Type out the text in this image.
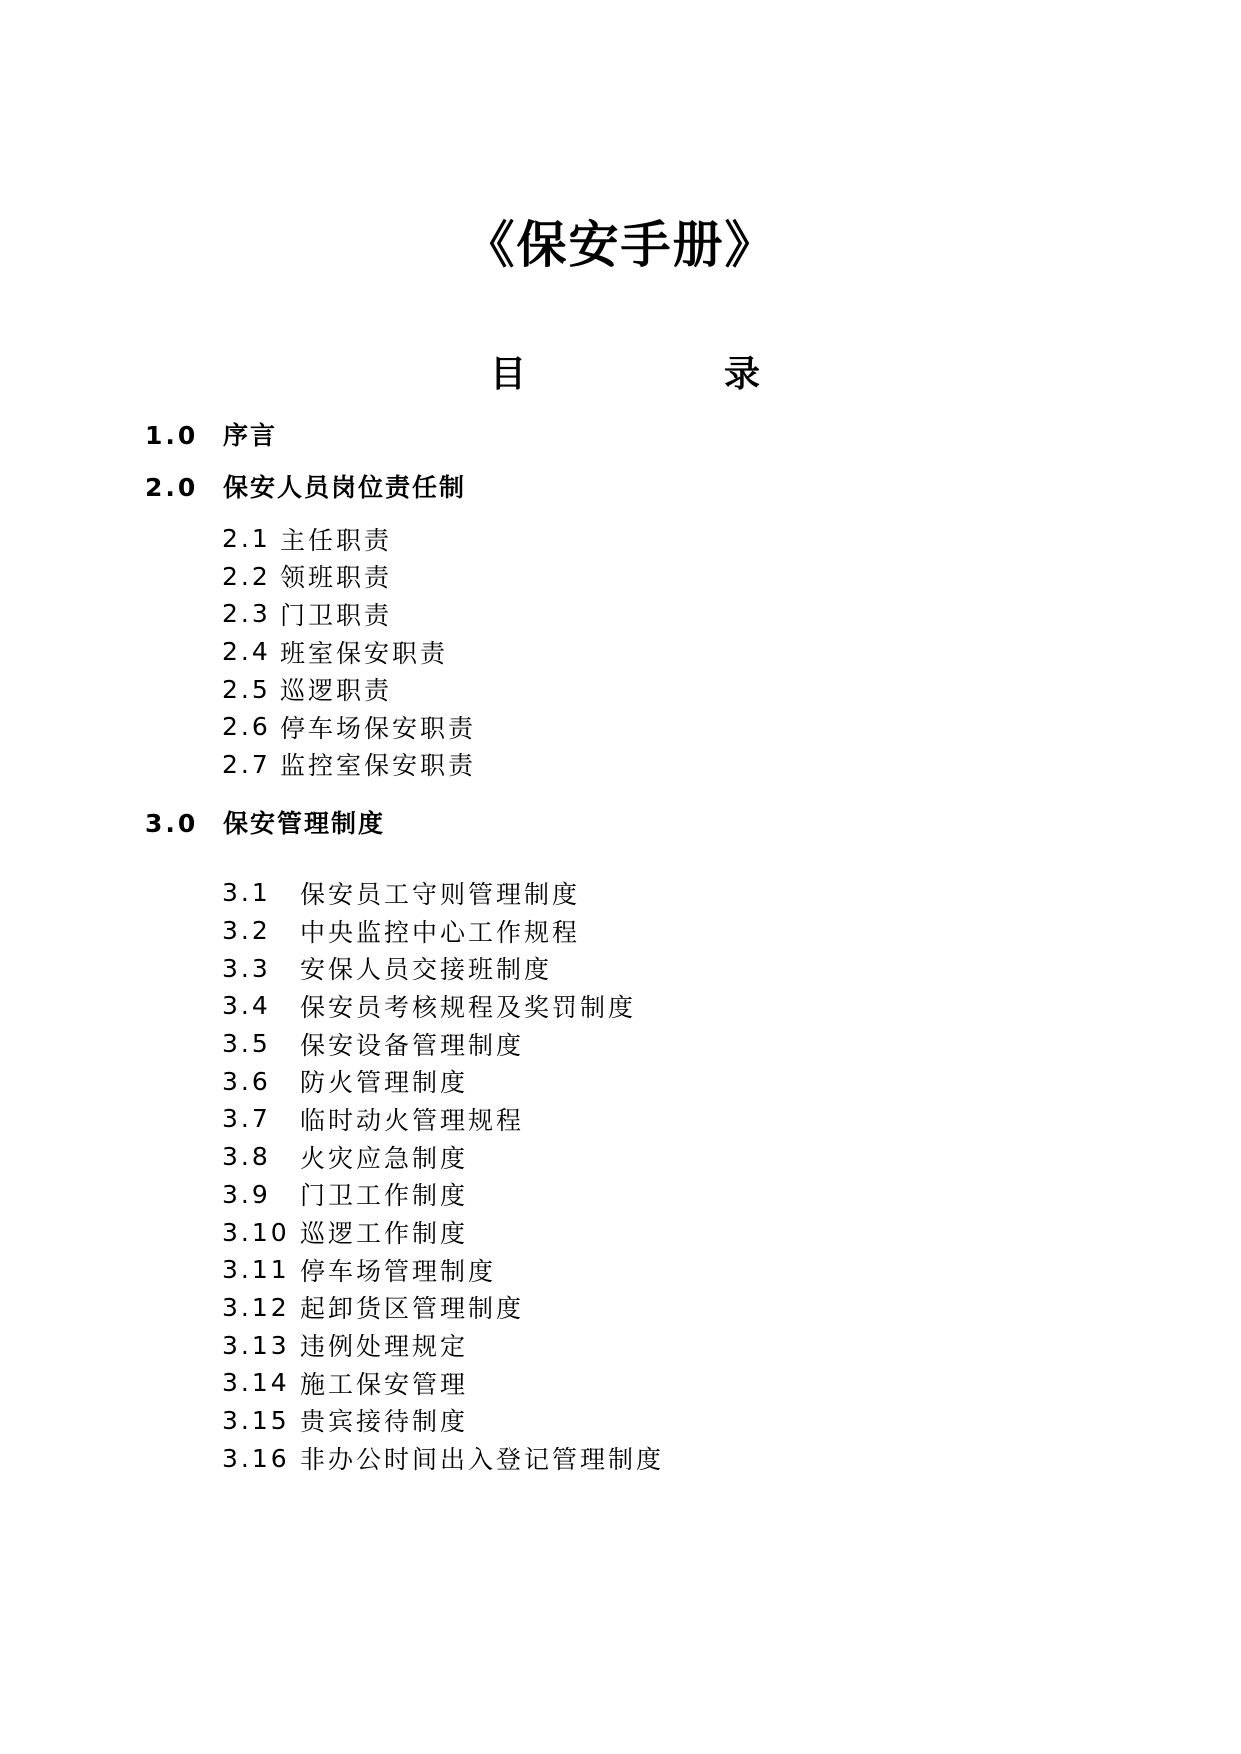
《保安手册》
目	录
1.0 序言
2.0 保安人员岗位责任制
2.1 主任职责
2.2 领班职责
2.3 门卫职责
2.4 班室保安职责
2.5 巡逻职责
2.6 停车场保安职责
2.7 监控室保安职责
3.0 保安管理制度
3.1	保安员工守则管理制度
3.2	中央监控中心工作规程
3.3	安保人员交接班制度
3.4	保安员考核规程及奖罚制度
3.5	保安设备管理制度
3.6	防火管理制度
3.7	临时动火管理规程
3.8	火灾应急制度
3.9	门卫工作制度
3.10 巡逻工作制度
3.11 停车场管理制度
3.12 起卸货区管理制度
3.13 违例处理规定
3.14 施工保安管理
3.15 贵宾接待制度
3.16 非办公时间出入登记管理制度
